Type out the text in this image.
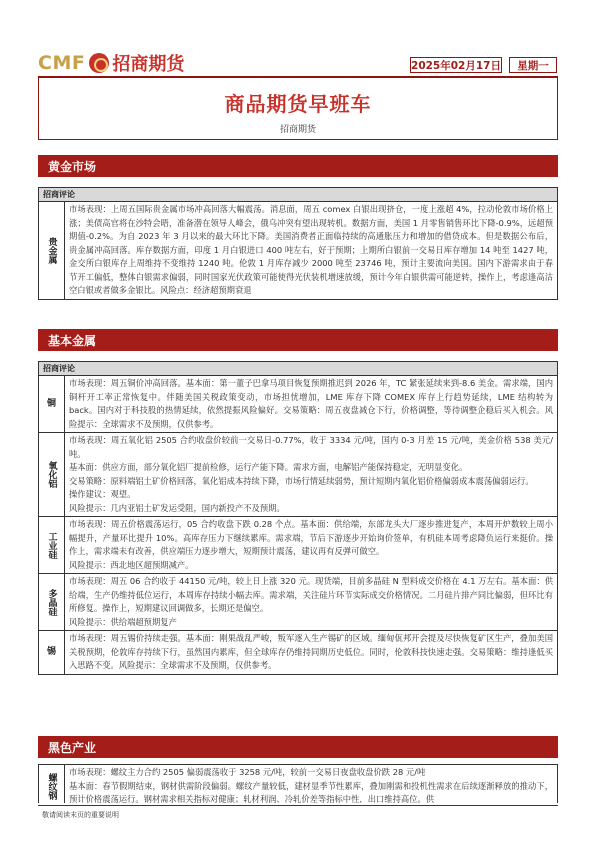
CMF 招商期货	2025年02月17日	星期一
商品期货早班车
招商期货
黄金市场
招商评论
贵金属
市场表现：上周五国际贵金属市场冲高回落大幅震荡。消息面，周五 comex 白银出现挤仓，一度上涨超 4%，拉动伦敦市场价格上涨；美债高官将在沙特会晤，准备潜在领导人峰会，俄乌冲突有望出现转机。数据方面，美国 1 月零售销售环比下降-0.9%，远超预期值-0.2%。为自 2023 年 3 月以来的最大环比下降。美国消费者正面临持续的高通胀压力和增加的借贷成本。但是数据公布后，贵金属冲高回落。库存数据方面，印度 1 月白银进口 400 吨左右，好于预期；上期所白银前一交易日库存增加 14 吨至 1427 吨，金交所白银库存上周维持不变维持 1240 吨。伦敦 1 月库存减少 2000 吨至 23746 吨，预计主要流向美国。国内下游需求由于春节开工偏低，整体白银需求偏弱，同时国家光伏政策可能使得光伏装机增速放缓，预计今年白银供需可能逆转，操作上，考虑逢高沽空白银或者做多金银比。风险点：经济超预期衰退
基本金属
招商评论
铜
市场表现：周五铜价冲高回落。基本面：第一董子巴拿马项目恢复预期推迟到 2026 年，TC 紧张延续来到-8.6 美金。需求端，国内铜杆开工率正常恢复中。伴随美国关税政策变动，市场担忧增加，LME 库存下降 COMEX 库存上行趋势延续，LME 结构转为 back。国内对于科技股的热情延续，依然提振风险偏好。交易策略：周五夜盘减仓下行，价格调整，等待调整企稳后买入机会。风险提示：全球需求不及预期，仅供参考。
氧化铝
市场表现：周五氧化铝 2505 合约收盘价较前一交易日-0.77%，收于 3334 元/吨，国内 0-3 月差 15 元/吨，美金价格 538 美元/吨。
基本面：供应方面，部分氧化铝厂提前检修，运行产能下降。需求方面，电解铝产能保持稳定，无明显变化。
交易策略：原料端铝土矿价格回落，氧化铝成本持续下降，市场行情延续弱势，预计短期内氧化铝价格偏弱成本震荡偏弱运行。
操作建议：观望。
风险提示：几内亚铝土矿发运受阻，国内新投产不及预期。
工业硅
市场表现：周五价格震荡运行，05 合约收盘下跌 0.28 个点。基本面：供给端，东部龙头大厂逐步推进复产，本周开炉数较上周小幅提升，产量环比提升 10%。高库存压力下继续累库。需求端，节后下游逐步开始询价签单，有机硅本周考虑降负运行来挺价。操作上，需求端未有改善，供应端压力逐步增大，短期预计震荡，建议再有反弹可做空。
风险提示：西北地区超预期减产。
多晶硅
市场表现：周五 06 合约收于 44150 元/吨，较上日上涨 320 元。现货端，目前多晶硅 N 型料成交价格在 4.1 万左右。基本面：供给端，生产仍维持低位运行，本周库存持续小幅去库。需求端，关注硅片环节实际成交价格情况。二月硅片排产同比偏弱，但环比有所修复。操作上，短期建议回调做多，长期还是偏空。
风险提示：供给端超预期复产
锡
市场表现：周五锡价持续走强。基本面：刚果战乱严峻，叛军逐入生产锡矿的区域。缅甸佤邦开会提及尽快恢复矿区生产，叠加美国关税预期，伦敦库存持续下行，虽然国内累库，但全球库存仍维持同期历史低位。同时，伦敦科技快速走强。交易策略：维持逢低买入思路不变。风险提示：全球需求不及预期，仅供参考。
黑色产业
螺纹钢
市场表现：螺纹主力合约 2505 偏弱震荡收于 3258 元/吨，较前一交易日夜盘收盘价跌 28 元/吨
基本面：春节假期结束，钢材供需阶段偏弱。螺纹产量较低，建材显季节性累库，叠加刚需和投机性需求在后续逐渐释放的推动下，预计价格震荡运行。钢材需求相关指标对健康；轧材利润、冷轧价差等指标中性，出口维持高位。供
敬请阅读末页的重要说明
